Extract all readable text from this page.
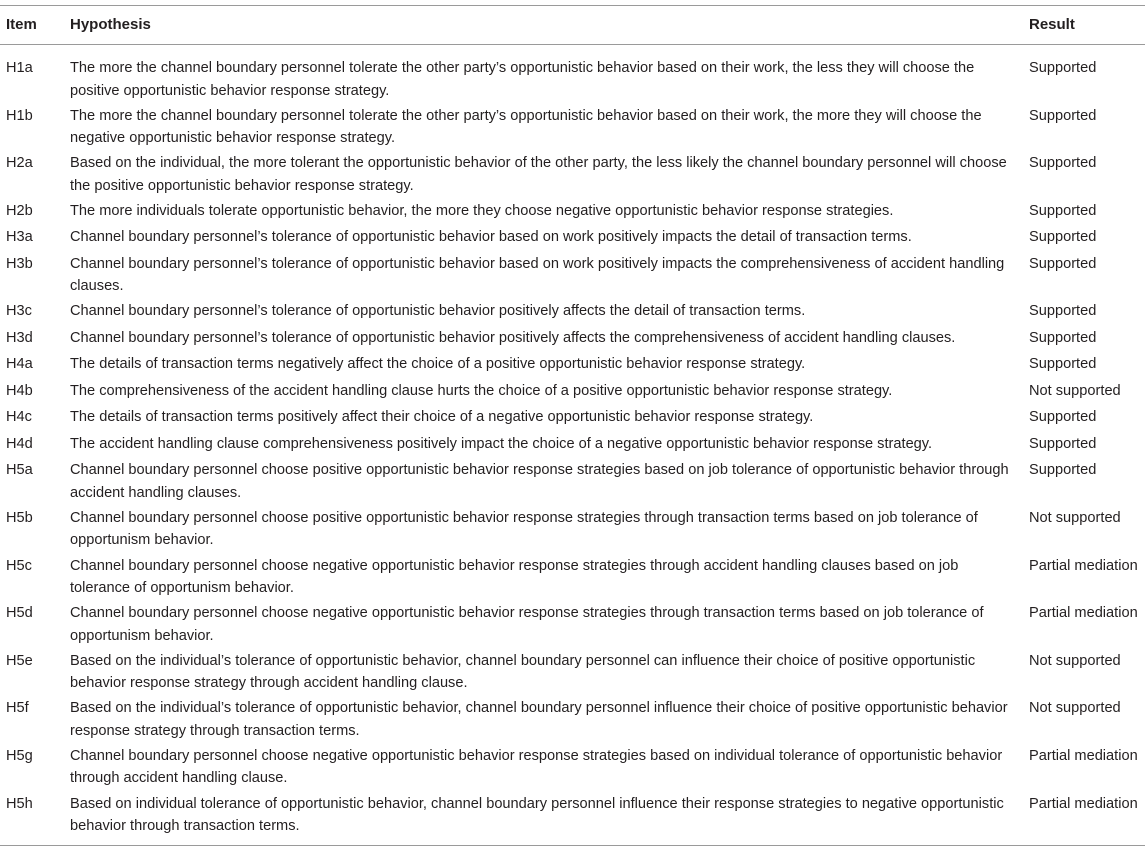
Item Hypothesis	Result
H1a	The more the channel boundary personnel tolerate the other party’s opportunistic behavior based on their work, the less they will choose the positive opportunistic behavior response strategy.
Supported
H1b	The more the channel boundary personnel tolerate the other party’s opportunistic behavior based on their work, the more they will choose the negative opportunistic behavior response strategy.
Supported
H2a	Based on the individual, the more tolerant the opportunistic behavior of the other party, the less likely the channel boundary personnel will choose the positive opportunistic behavior response strategy.
Supported
H2b	The more individuals tolerate opportunistic behavior, the more they choose negative opportunistic behavior response strategies.	Supported
H3a	Channel boundary personnel’s tolerance of opportunistic behavior based on work positively impacts the detail of transaction terms.	Supported
H3b	Channel boundary personnel’s tolerance of opportunistic behavior based on work positively impacts the comprehensiveness of accident handling clauses.
Supported
H3c	Channel boundary personnel’s tolerance of opportunistic behavior positively affects the detail of transaction terms.	Supported
H3d	Channel boundary personnel’s tolerance of opportunistic behavior positively affects the comprehensiveness of accident handling clauses.	Supported
H4a	The details of transaction terms negatively affect the choice of a positive opportunistic behavior response strategy.	Supported
H4b	The comprehensiveness of the accident handling clause hurts the choice of a positive opportunistic behavior response strategy.	Not supported
H4c	The details of transaction terms positively affect their choice of a negative opportunistic behavior response strategy.	Supported
H4d	The accident handling clause comprehensiveness positively impact the choice of a negative opportunistic behavior response strategy.	Supported
H5a	Channel boundary personnel choose positive opportunistic behavior response strategies based on job tolerance of opportunistic behavior through accident handling clauses.
Supported
H5b	Channel boundary personnel choose positive opportunistic behavior response strategies through transaction terms based on job tolerance of opportunism behavior.
Not supported
H5c	Channel boundary personnel choose negative opportunistic behavior response strategies through accident handling clauses based on job tolerance of opportunism behavior.
Partial mediation
H5d	Channel boundary personnel choose negative opportunistic behavior response strategies through transaction terms based on job tolerance of opportunism behavior.
Partial mediation
H5e	Based on the individual’s tolerance of opportunistic behavior, channel boundary personnel can influence their choice of positive opportunistic behavior response strategy through accident handling clause.
Not supported
H5f	Based on the individual’s tolerance of opportunistic behavior, channel boundary personnel influence their choice of positive opportunistic behavior response strategy through transaction terms.
Not supported
H5g	Channel boundary personnel choose negative opportunistic behavior response strategies based on individual tolerance of opportunistic behavior through accident handling clause.
Partial mediation
H5h	Based on individual tolerance of opportunistic behavior, channel boundary personnel influence their response strategies to negative opportunistic behavior through transaction terms.
Partial mediation
